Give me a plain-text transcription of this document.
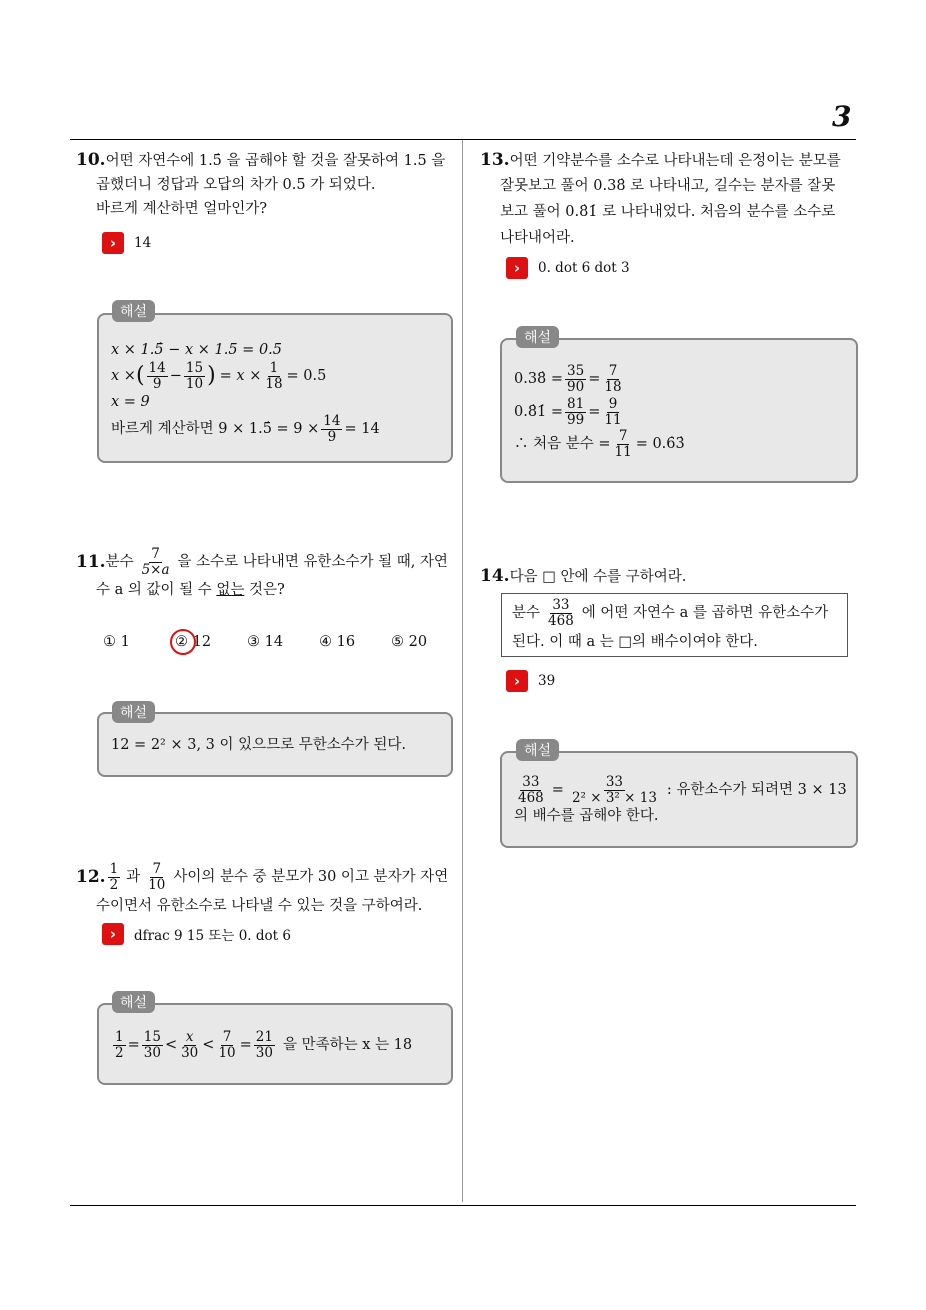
3
10.어떤 자연수에 1.5̇ 을 곱해야 할 것을 잘못하여 1.5 을
곱했더니 정답과 오답의 차가 0.5 가 되었다.
바르게 계산하면 얼마인가?
›	14
x × 1.5̇ − x × 1.5 = 0.5
x × ( $\frac{14}{9} - \frac{15}{10}$ ) = $x \times \frac{1}{18} = 0.5$
x = 9
바르게 계산하면 9 × 1.5̇ = $9 \times \frac{14}{9} = 14$
해설
11. 분수 $\frac{7}{5\times a}$ 을 소수로 나타내면 유한소수가 될 때, 자연
수 a 의 값이 될 수 없는 것은?
① 1	② 12 ③ 14 ④ 16 ⑤ 20
12 = 2² × 3, 3 이 있으므로 무한소수가 된다.
해설
12. $\frac{1}{2}$ 과 $\frac{7}{10}$ 사이의 분수 중 분모가 30 이고 분자가 자연
수이면서 유한소수로 나타낼 수 있는 것을 구하여라.
›	dfrac 9 15 또는 0. dot 6
$\frac{1}{2} = \frac{15}{30} < \frac{x}{30} < \frac{7}{10} = \frac{21}{30}$ 을 만족하는 x 는 18
해설
13.어떤 기약분수를 소수로 나타내는데 은정이는 분모를
잘못보고 풀어 0.38̇ 로 나타내고, 길수는 분자를 잘못
보고 풀어 0.8̇1̇ 로 나타내었다. 처음의 분수를 소수로
나타내어라.
›	0. dot 6 dot 3
0.38̇ = $\frac{35}{90} = \frac{7}{18}$
0.8̇1̇ = $\frac{81}{99} = \frac{9}{11}$
∴ 처음 분수 = $\frac{7}{11}$ = 0.6̇3̇
해설
14.다음 □ 안에 수를 구하여라.
분수 $\frac{33}{468}$ 에 어떤 자연수 a 를 곱하면 유한소수가
된다. 이 때 a 는 □의 배수이여야 한다.
›	39
$\frac{33}{468} = \frac{33}{\text{2² × 3² × 13}}$ : 유한소수가 되려면 3 × 13
의 배수를 곱해야 한다.
해설
